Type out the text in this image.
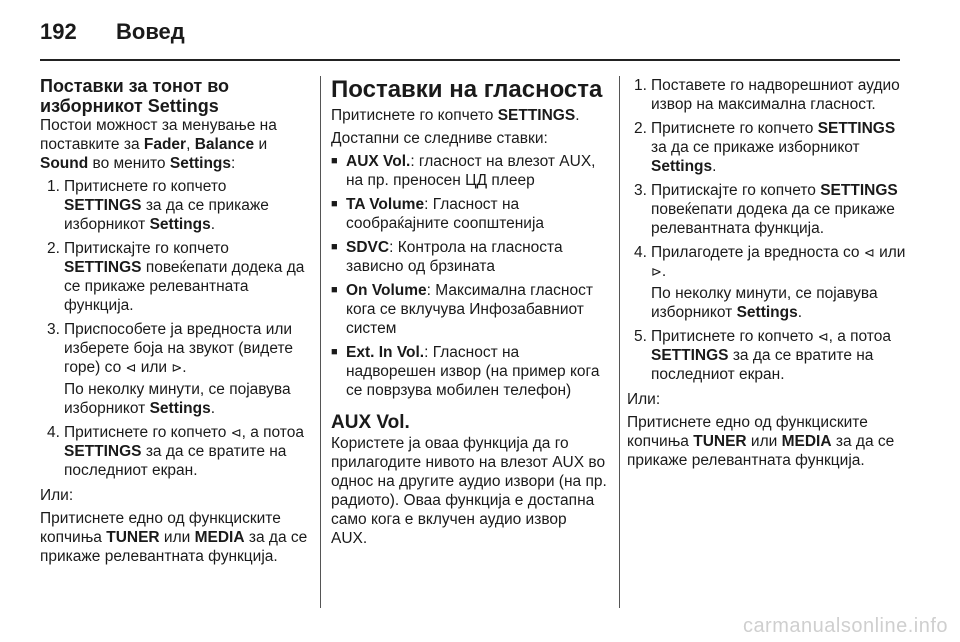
192 Вовед
Поставки за тонот во изборникот Settings

Постои можност за менување на поставките за Fader, Balance и Sound во менито Settings:

1. Притиснете го копчето SETTINGS за да се прикаже изборникот Settings.
2. Притискајте го копчето SETTINGS повеќепати додека да се прикаже релевантната функција.
3. Приспособете ја вредноста или изберете боја на звукот (видете горе) со ⊲ или ⊳.
По неколку минути, се појавува изборникот Settings.
4. Притиснете го копчето ⊲, а потоа SETTINGS за да се вратите на последниот екран.

Или:

Притиснете едно од функциските копчиња TUNER или MEDIA за да се прикаже релевантната функција.

Поставки на гласноста

Притиснете го копчето SETTINGS.

Достапни се следниве ставки:

■ AUX Vol.: гласност на влезот AUX, на пр. преносен ЦД плеер
■ TA Volume: Гласност на сообраќајните соопштенија
■ SDVC: Контрола на гласноста зависно од брзината
■ On Volume: Максимална гласност кога се вклучува Инфозабавниот систем
■ Ext. In Vol.: Гласност на надворешен извор (на пример кога се поврзува мобилен телефон)
AUX Vol.

Користете ја оваа функција да го прилагодите нивото на влезот AUX во однос на другите аудио извори (на пр. радиото). Оваа функција е достапна само кога е вклучен аудио извор AUX.

1. Поставете го надворешниот аудио извор на максимална гласност.
2. Притиснете го копчето SETTINGS за да се прикаже изборникот Settings.
3. Притискајте го копчето SETTINGS повеќепати додека да се прикаже релевантната функција.
4. Прилагодете ја вредноста со ⊲ или ⊳.
По неколку минути, се појавува изборникот Settings.
5. Притиснете го копчето ⊲, а потоа SETTINGS за да се вратите на последниот екран.

Или:

Притиснете едно од функциските копчиња TUNER или MEDIA за да се прикаже релевантната функција.

carmanualsonline.info
